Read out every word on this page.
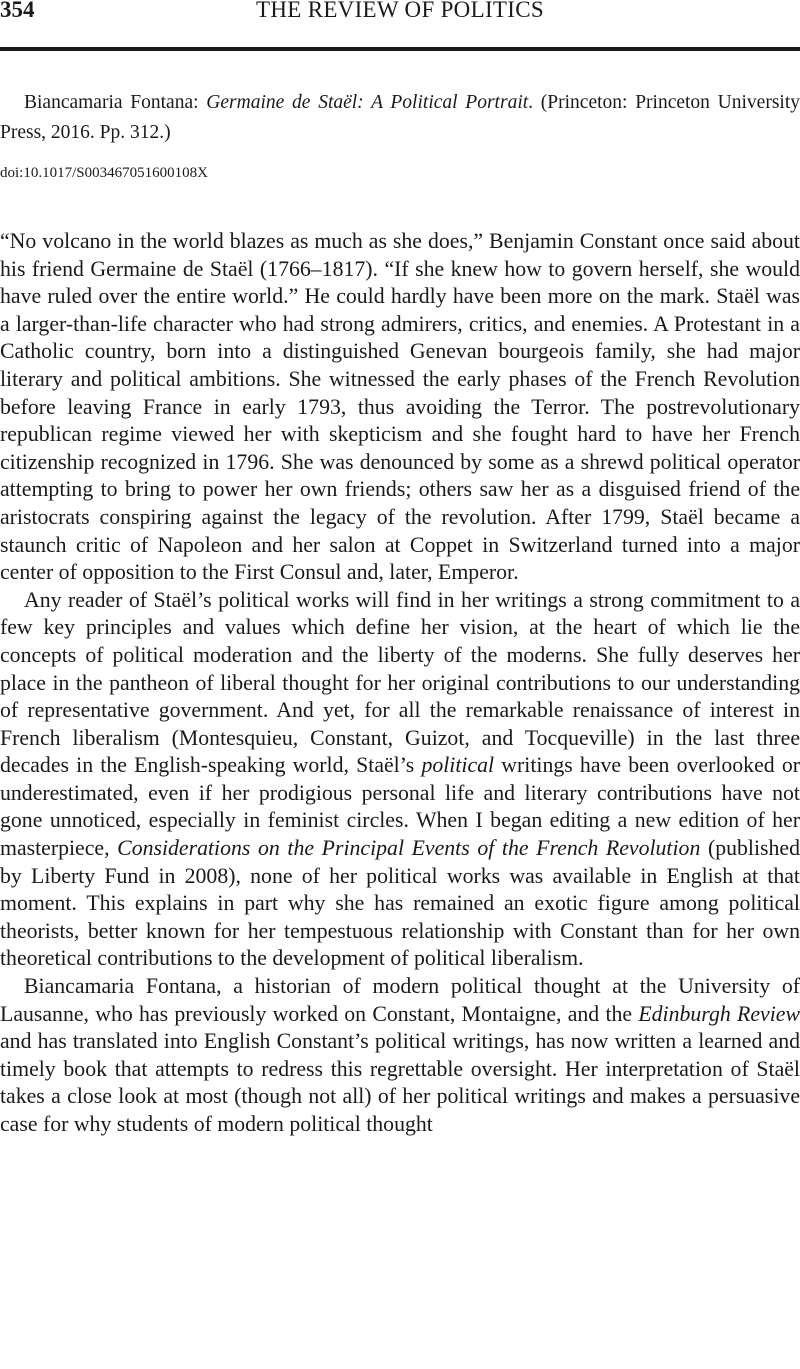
354	THE REVIEW OF POLITICS

Biancamaria Fontana: Germaine de Staël: A Political Portrait. (Princeton: Princeton University Press, 2016. Pp. 312.)

doi:10.1017/S003467051600108X

“No volcano in the world blazes as much as she does,” Benjamin Constant once said about his friend Germaine de Staël (1766–1817). “If she knew how to govern herself, she would have ruled over the entire world.” He could hardly have been more on the mark. Staël was a larger-than-life character who had strong admirers, critics, and enemies. A Protestant in a Catholic country, born into a distinguished Genevan bourgeois family, she had major literary and political ambitions. She witnessed the early phases of the French Revolution before leaving France in early 1793, thus avoiding the Terror. The postrevolutionary republican regime viewed her with skepticism and she fought hard to have her French citizenship recognized in 1796. She was denounced by some as a shrewd political operator attempting to bring to power her own friends; others saw her as a disguised friend of the aristocrats conspiring against the legacy of the revolution. After 1799, Staël became a staunch critic of Napoleon and her salon at Coppet in Switzerland turned into a major center of opposition to the First Consul and, later, Emperor.

Any reader of Staël’s political works will find in her writings a strong commitment to a few key principles and values which define her vision, at the heart of which lie the concepts of political moderation and the liberty of the moderns. She fully deserves her place in the pantheon of liberal thought for her original contributions to our understanding of representative government. And yet, for all the remarkable renaissance of interest in French liberalism (Montesquieu, Constant, Guizot, and Tocqueville) in the last three decades in the English-speaking world, Staël’s political writings have been overlooked or underestimated, even if her prodigious personal life and literary contributions have not gone unnoticed, especially in feminist circles. When I began editing a new edition of her masterpiece, Considerations on the Principal Events of the French Revolution (published by Liberty Fund in 2008), none of her political works was available in English at that moment. This explains in part why she has remained an exotic figure among political theorists, better known for her tempestuous relationship with Constant than for her own theoretical contributions to the development of political liberalism.

Biancamaria Fontana, a historian of modern political thought at the University of Lausanne, who has previously worked on Constant, Montaigne, and the Edinburgh Review and has translated into English Constant’s political writings, has now written a learned and timely book that attempts to redress this regrettable oversight. Her interpretation of Staël takes a close look at most (though not all) of her political writings and makes a persuasive case for why students of modern political thought
